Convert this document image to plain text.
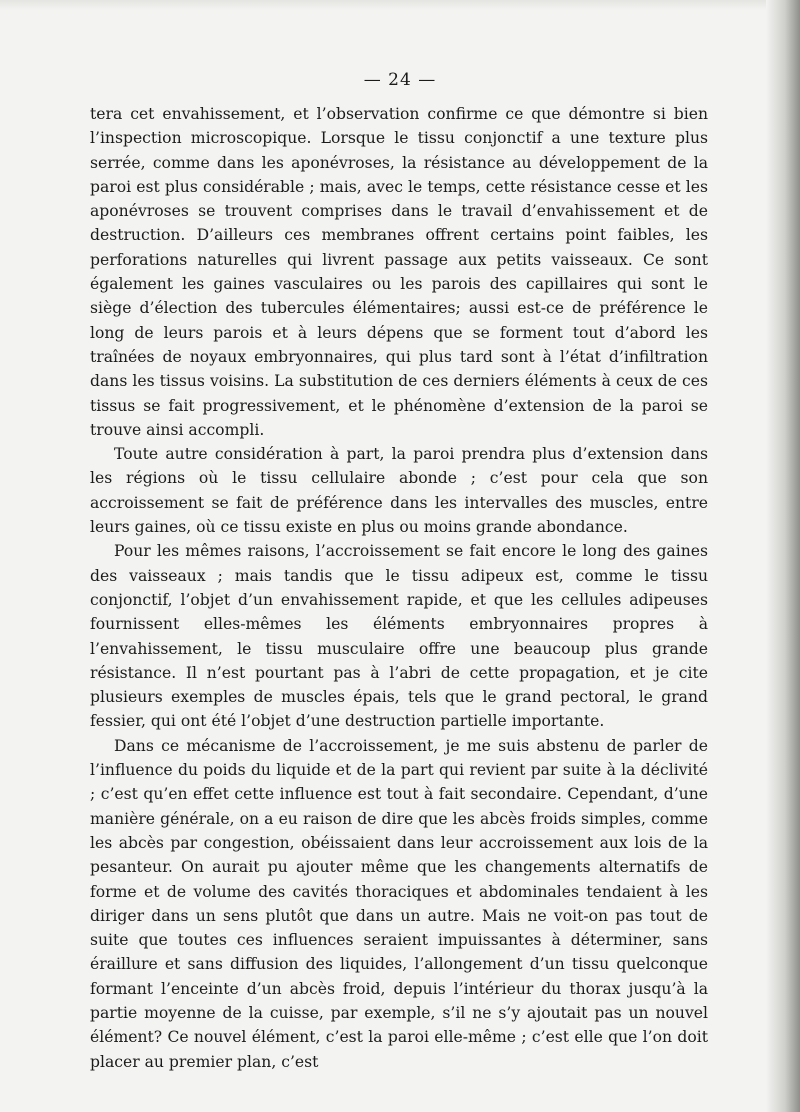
— 24 —

tera cet envahissement, et l’observation confirme ce que démontre si bien l’inspection microscopique. Lorsque le tissu conjonctif a une texture plus serrée, comme dans les aponévroses, la résistance au développement de la paroi est plus considérable ; mais, avec le temps, cette résistance cesse et les aponévroses se trouvent comprises dans le travail d’envahissement et de destruction. D’ailleurs ces membranes offrent certains point faibles, les perforations naturelles qui livrent passage aux petits vaisseaux. Ce sont également les gaines vasculaires ou les parois des capillaires qui sont le siège d’élection des tubercules élémentaires; aussi est-ce de préférence le long de leurs parois et à leurs dépens que se forment tout d’abord les traînées de noyaux embryonnaires, qui plus tard sont à l’état d’infiltration dans les tissus voisins. La substitution de ces derniers éléments à ceux de ces tissus se fait progressivement, et le phénomène d’extension de la paroi se trouve ainsi accompli.

Toute autre considération à part, la paroi prendra plus d’extension dans les régions où le tissu cellulaire abonde ; c’est pour cela que son accroissement se fait de préférence dans les intervalles des muscles, entre leurs gaines, où ce tissu existe en plus ou moins grande abondance.

Pour les mêmes raisons, l’accroissement se fait encore le long des gaines des vaisseaux ; mais tandis que le tissu adipeux est, comme le tissu conjonctif, l’objet d’un envahissement rapide, et que les cellules adipeuses fournissent elles-mêmes les éléments embryonnaires propres à l’envahissement, le tissu musculaire offre une beaucoup plus grande résistance. Il n’est pourtant pas à l’abri de cette propagation, et je cite plusieurs exemples de muscles épais, tels que le grand pectoral, le grand fessier, qui ont été l’objet d’une destruction partielle importante.

Dans ce mécanisme de l’accroissement, je me suis abstenu de parler de l’influence du poids du liquide et de la part qui revient par suite à la déclivité ; c’est qu’en effet cette influence est tout à fait secondaire. Cependant, d’une manière générale, on a eu raison de dire que les abcès froids simples, comme les abcès par congestion, obéissaient dans leur accroissement aux lois de la pesanteur. On aurait pu ajouter même que les changements alternatifs de forme et de volume des cavités thoraciques et abdominales tendaient à les diriger dans un sens plutôt que dans un autre. Mais ne voit-on pas tout de suite que toutes ces influences seraient impuissantes à déterminer, sans éraillure et sans diffusion des liquides, l’allongement d’un tissu quelconque formant l’enceinte d’un abcès froid, depuis l’intérieur du thorax jusqu’à la partie moyenne de la cuisse, par exemple, s’il ne s’y ajoutait pas un nouvel élément? Ce nouvel élément, c’est la paroi elle-même ; c’est elle que l’on doit placer au premier plan, c’est
